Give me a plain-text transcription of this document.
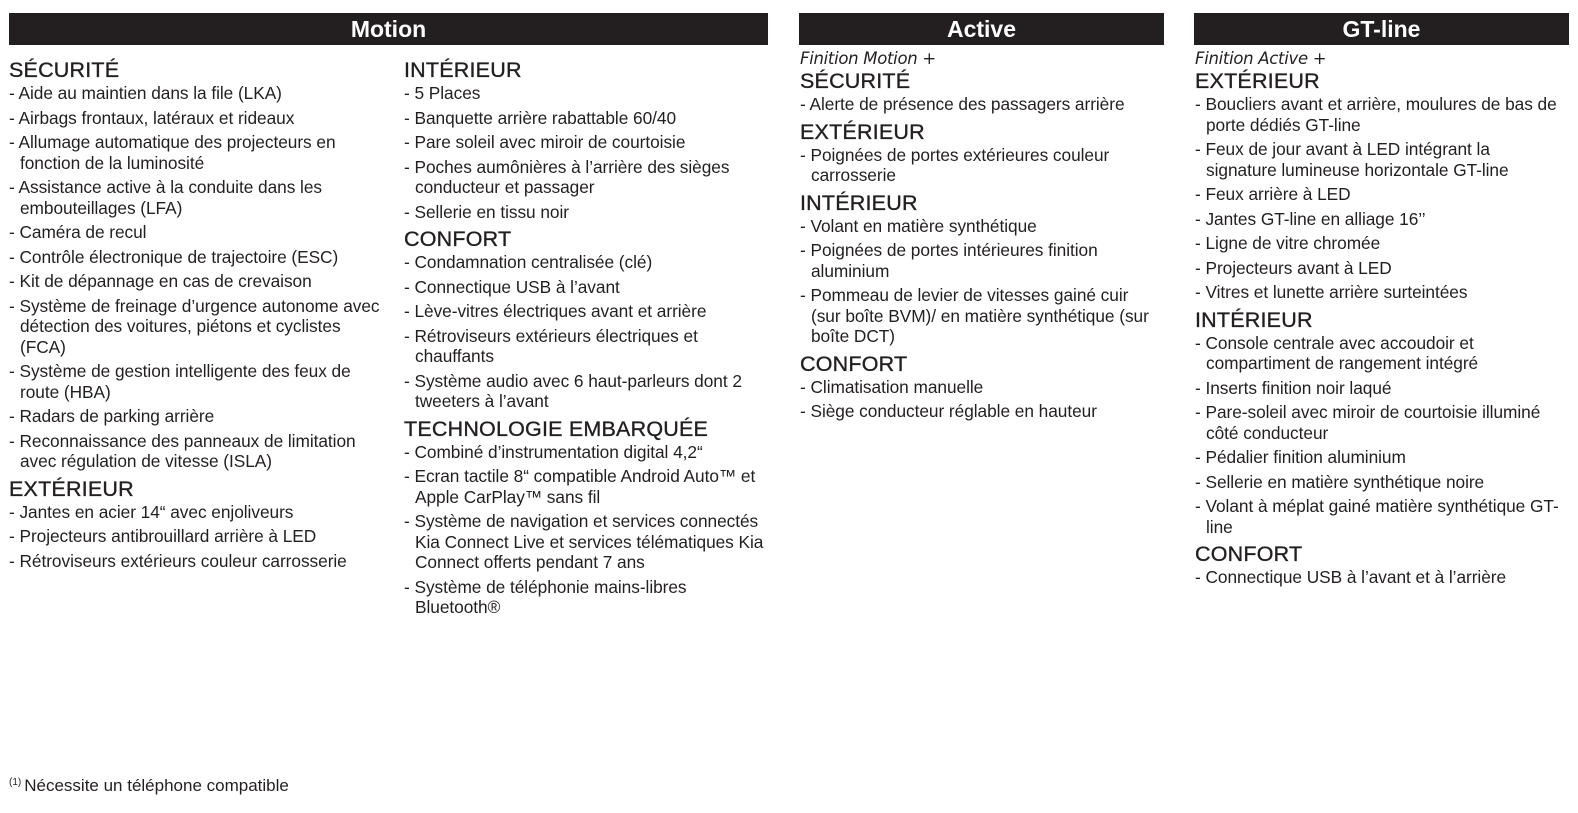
Motion	Active	GT-line
SÉCURITÉ
- Aide au maintien dans la file (LKA)
- Airbags frontaux, latéraux et rideaux
- Allumage automatique des projecteurs en fonction de la luminosité
- Assistance active à la conduite dans les embouteillages (LFA)
- Caméra de recul
- Contrôle électronique de trajectoire (ESC)
- Kit de dépannage en cas de crevaison
- Système de freinage d’urgence autonome avec détection des voitures, piétons et cyclistes (FCA)
- Système de gestion intelligente des feux de route (HBA)
- Radars de parking arrière
- Reconnaissance des panneaux de limitation avec régulation de vitesse (ISLA)
EXTÉRIEUR
- Jantes en acier 14“ avec enjoliveurs
- Projecteurs antibrouillard arrière à LED
- Rétroviseurs extérieurs couleur carrosserie
INTÉRIEUR
- 5 Places
- Banquette arrière rabattable 60/40
- Pare soleil avec miroir de courtoisie
- Poches aumônières à l’arrière des sièges conducteur et passager
- Sellerie en tissu noir
CONFORT
- Condamnation centralisée (clé)
- Connectique USB à l’avant
- Lève-vitres électriques avant et arrière
- Rétroviseurs extérieurs électriques et chauffants
- Système audio avec 6 haut-parleurs dont 2 tweeters à l’avant
TECHNOLOGIE EMBARQUÉE
- Combiné d’instrumentation digital 4,2“
- Ecran tactile 8“ compatible Android Auto™ et Apple CarPlay™ sans fil
- Système de navigation et services connectés Kia Connect Live et services télématiques Kia Connect offerts pendant 7 ans
- Système de téléphonie mains-libres Bluetooth®

Finition Motion +

SÉCURITÉ
- Alerte de présence des passagers arrière
EXTÉRIEUR
- Poignées de portes extérieures couleur carrosserie
INTÉRIEUR
- Volant en matière synthétique
- Poignées de portes intérieures finition aluminium
- Pommeau de levier de vitesses gainé cuir (sur boîte BVM)/ en matière synthétique (sur boîte DCT)
CONFORT
- Climatisation manuelle
- Siège conducteur réglable en hauteur

Finition Active +

EXTÉRIEUR
- Boucliers avant et arrière, moulures de bas de porte dédiés GT-line
- Feux de jour avant à LED intégrant la signature lumineuse horizontale GT-line
- Feux arrière à LED
- Jantes GT-line en alliage 16’’
- Ligne de vitre chromée
- Projecteurs avant à LED
- Vitres et lunette arrière surteintées
INTÉRIEUR
- Console centrale avec accoudoir et compartiment de rangement intégré
- Inserts finition noir laqué
- Pare-soleil avec miroir de courtoisie illuminé côté conducteur
- Pédalier finition aluminium
- Sellerie en matière synthétique noire
- Volant à méplat gainé matière synthétique GT-line
CONFORT
- Connectique USB à l’avant et à l’arrière
$^{(1)}$ Nécessite un téléphone compatible
